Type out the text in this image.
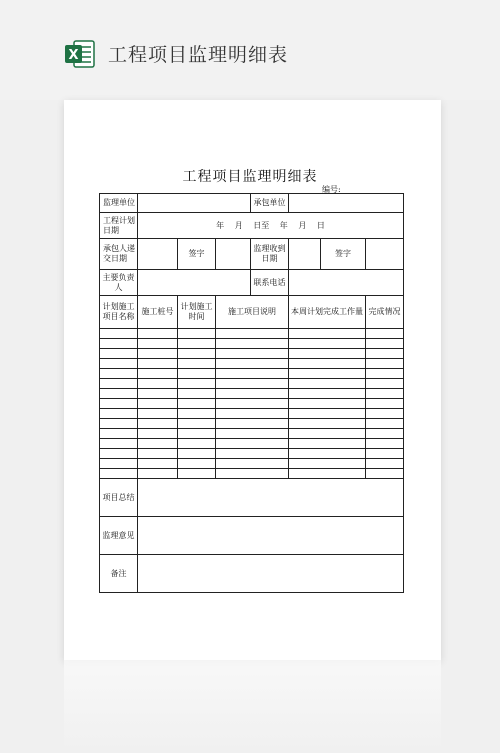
X 工程项目监理明细表
工程项目监理明细表
编号:
监理单位				承包单位			
工程计划日期	年 月 日至 年 月 日						
承包人递交日期		签字		监理收到日期		签字	
主要负责人				联系电话			
计划施工项目名称	施工桩号	计划施工时间	施工项目说明		本周计划完成工作量		完成情况

项目总结							
监理意见							
备注							
